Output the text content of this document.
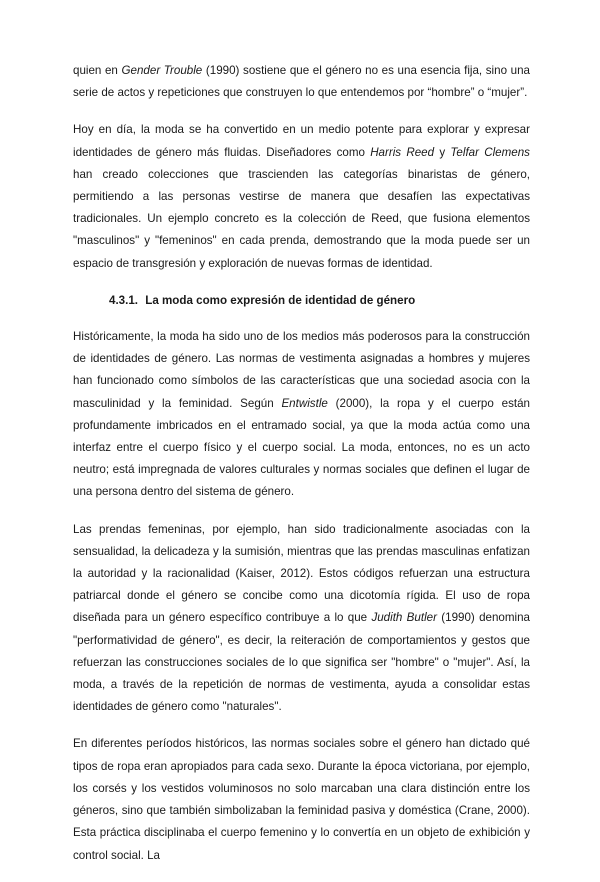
quien en Gender Trouble (1990) sostiene que el género no es una esencia fija, sino una serie de actos y repeticiones que construyen lo que entendemos por “hombre” o “mujer”.

Hoy en día, la moda se ha convertido en un medio potente para explorar y expresar identidades de género más fluidas. Diseñadores como Harris Reed y Telfar Clemens han creado colecciones que trascienden las categorías binaristas de género, permitiendo a las personas vestirse de manera que desafíen las expectativas tradicionales. Un ejemplo concreto es la colección de Reed, que fusiona elementos "masculinos" y "femeninos" en cada prenda, demostrando que la moda puede ser un espacio de transgresión y exploración de nuevas formas de identidad.

4.3.1. La moda como expresión de identidad de género

Históricamente, la moda ha sido uno de los medios más poderosos para la construcción de identidades de género. Las normas de vestimenta asignadas a hombres y mujeres han funcionado como símbolos de las características que una sociedad asocia con la masculinidad y la feminidad. Según Entwistle (2000), la ropa y el cuerpo están profundamente imbricados en el entramado social, ya que la moda actúa como una interfaz entre el cuerpo físico y el cuerpo social. La moda, entonces, no es un acto neutro; está impregnada de valores culturales y normas sociales que definen el lugar de una persona dentro del sistema de género.

Las prendas femeninas, por ejemplo, han sido tradicionalmente asociadas con la sensualidad, la delicadeza y la sumisión, mientras que las prendas masculinas enfatizan la autoridad y la racionalidad (Kaiser, 2012). Estos códigos refuerzan una estructura patriarcal donde el género se concibe como una dicotomía rígida. El uso de ropa diseñada para un género específico contribuye a lo que Judith Butler (1990) denomina "performatividad de género", es decir, la reiteración de comportamientos y gestos que refuerzan las construcciones sociales de lo que significa ser "hombre" o "mujer". Así, la moda, a través de la repetición de normas de vestimenta, ayuda a consolidar estas identidades de género como "naturales".

En diferentes períodos históricos, las normas sociales sobre el género han dictado qué tipos de ropa eran apropiados para cada sexo. Durante la época victoriana, por ejemplo, los corsés y los vestidos voluminosos no solo marcaban una clara distinción entre los géneros, sino que también simbolizaban la feminidad pasiva y doméstica (Crane, 2000). Esta práctica disciplinaba el cuerpo femenino y lo convertía en un objeto de exhibición y control social. La
